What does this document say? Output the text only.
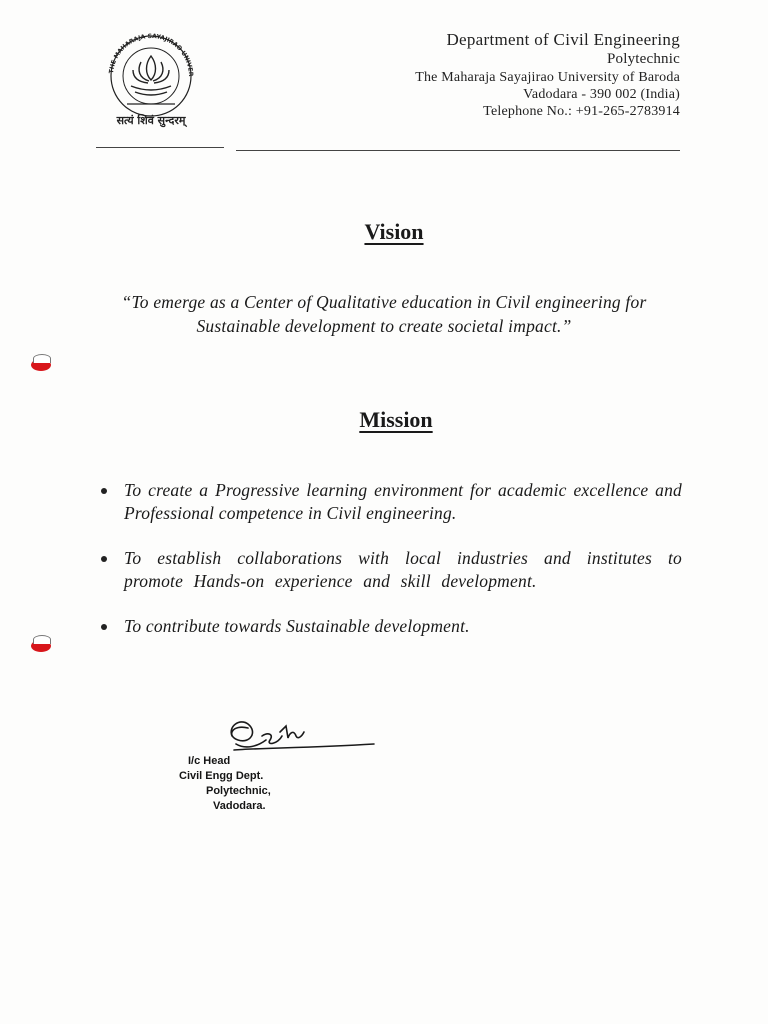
THE MAHARAJA SAYAJIRAO UNIVER
सत्यं शिवं सुन्दरम्
Department of Civil Engineering
Polytechnic
The Maharaja Sayajirao University of Baroda
Vadodara - 390 002 (India)
Telephone No.: +91-265-2783914
Vision
“To emerge as a Center of Qualitative education in Civil engineering for Sustainable development to create societal impact.”
Mission
To create a Progressive learning environment for academic excellence and Professional competence in Civil engineering.
To establish collaborations with local industries and institutes to promote Hands-on experience and skill development.
To contribute towards Sustainable development.
I/c Head
Civil Engg Dept.
Polytechnic,
Vadodara.
